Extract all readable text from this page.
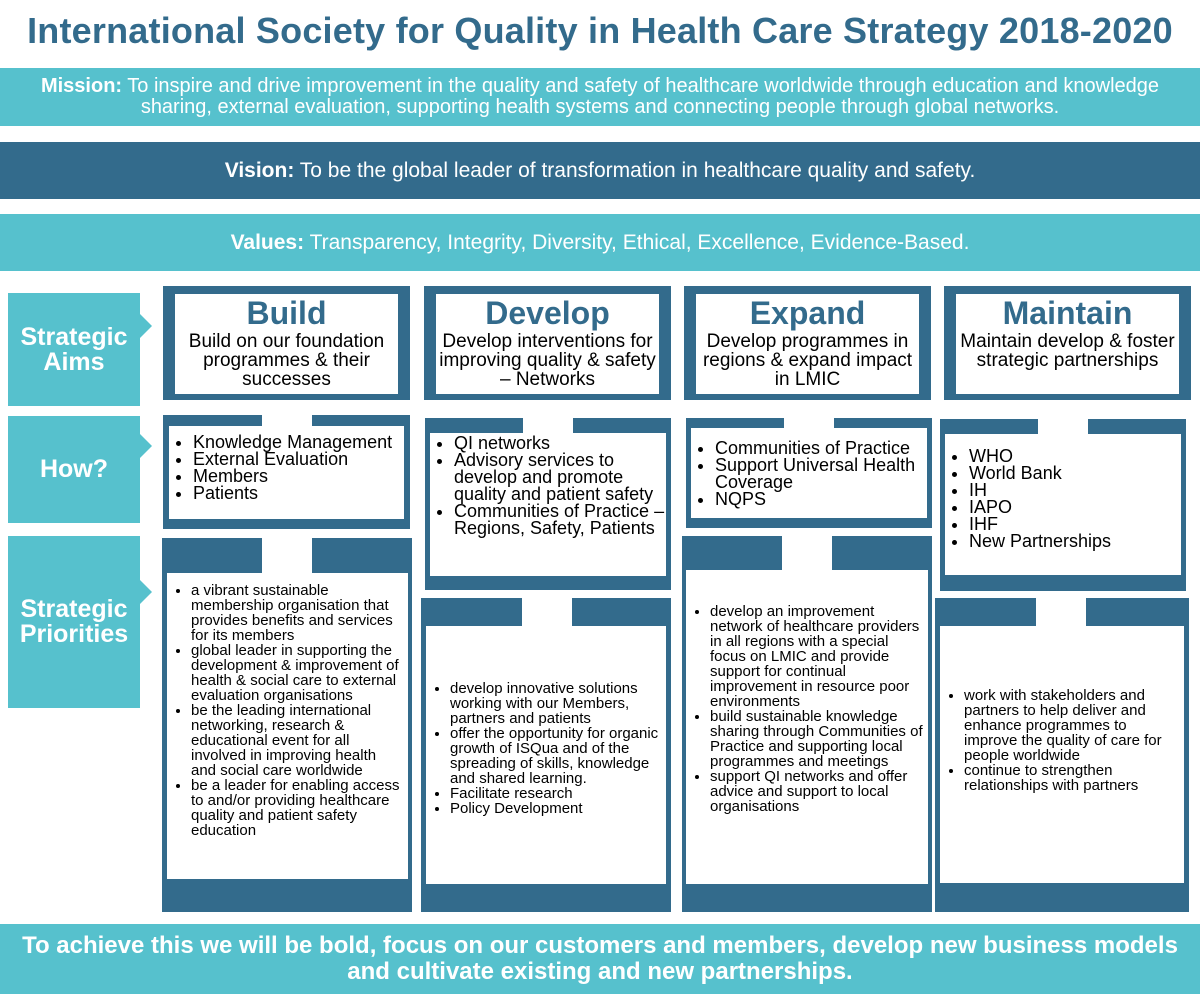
International Society for Quality in Health Care Strategy 2018-2020
Mission: To inspire and drive improvement in the quality and safety of healthcare worldwide through education and knowledge sharing, external evaluation, supporting health systems and connecting people through global networks.
Vision: To be the global leader of transformation in healthcare quality and safety.
Values: Transparency, Integrity, Diversity, Ethical, Excellence, Evidence-Based.
Strategic Aims
How?
Strategic Priorities
Build
Build on our foundation programmes & their successes
• Knowledge Management
• External Evaluation
• Members
• Patients
• a vibrant sustainable membership organisation that provides benefits and services for its members
• global leader in supporting the development & improvement of health & social care to external evaluation organisations
• be the leading international networking, research & educational event for all involved in improving health and social care worldwide
• be a leader for enabling access to and/or providing healthcare quality and patient safety education
Develop
Develop interventions for improving quality & safety – Networks
• QI networks
• Advisory services to develop and promote quality and patient safety
• Communities of Practice – Regions, Safety, Patients
• develop innovative solutions working with our Members, partners and patients
• offer the opportunity for organic growth of ISQua and of the spreading of skills, knowledge and shared learning.
• Facilitate research
• Policy Development
Expand
Develop programmes in regions & expand impact in LMIC
• Communities of Practice
• Support Universal Health Coverage
• NQPS
• develop an improvement network of healthcare providers in all regions with a special focus on LMIC and provide support for continual improvement in resource poor environments
• build sustainable knowledge sharing through Communities of Practice and supporting local programmes and meetings
• support QI networks and offer advice and support to local organisations
Maintain
Maintain develop & foster strategic partnerships
• WHO
• World Bank
• IH
• IAPO
• IHF
• New Partnerships
• work with stakeholders and partners to help deliver and enhance programmes to improve the quality of care for people worldwide
• continue to strengthen relationships with partners
To achieve this we will be bold, focus on our customers and members, develop new business models and cultivate existing and new partnerships.
